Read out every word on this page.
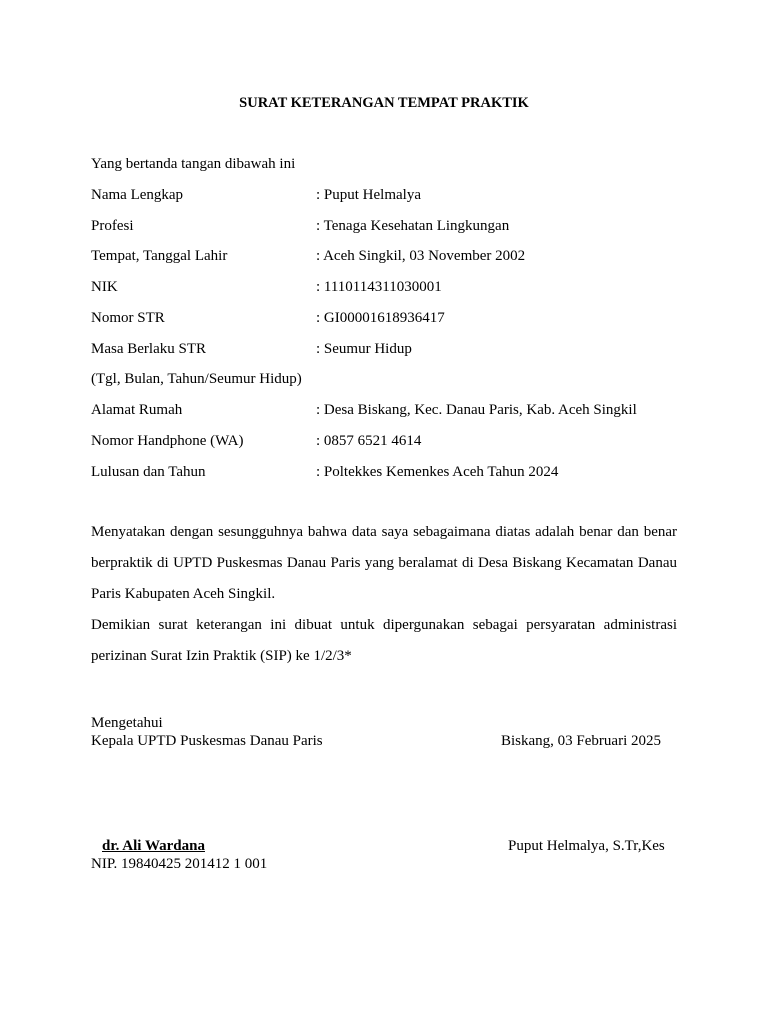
SURAT KETERANGAN TEMPAT PRAKTIK
Yang bertanda tangan dibawah ini
Nama Lengkap	: Puput Helmalya
Profesi	: Tenaga Kesehatan Lingkungan
Tempat, Tanggal Lahir	: Aceh Singkil, 03 November 2002
NIK	: 1110114311030001
Nomor STR	: GI00001618936417
Masa Berlaku STR	: Seumur Hidup
(Tgl, Bulan, Tahun/Seumur Hidup)
Alamat Rumah	: Desa Biskang, Kec. Danau Paris, Kab. Aceh Singkil
Nomor Handphone (WA)	: 0857 6521 4614
Lulusan dan Tahun	: Poltekkes Kemenkes Aceh Tahun 2024
Menyatakan dengan sesungguhnya bahwa data saya sebagaimana diatas adalah benar dan benar berpraktik di UPTD Puskesmas Danau Paris yang beralamat di Desa Biskang Kecamatan Danau Paris Kabupaten Aceh Singkil.
Demikian surat keterangan ini dibuat untuk dipergunakan sebagai persyaratan administrasi perizinan Surat Izin Praktik (SIP) ke 1/2/3*
Mengetahui
Kepala UPTD Puskesmas Danau Paris	Biskang, 03 Februari 2025
dr. Ali Wardana	Puput Helmalya, S.Tr,Kes
NIP. 19840425 201412 1 001
